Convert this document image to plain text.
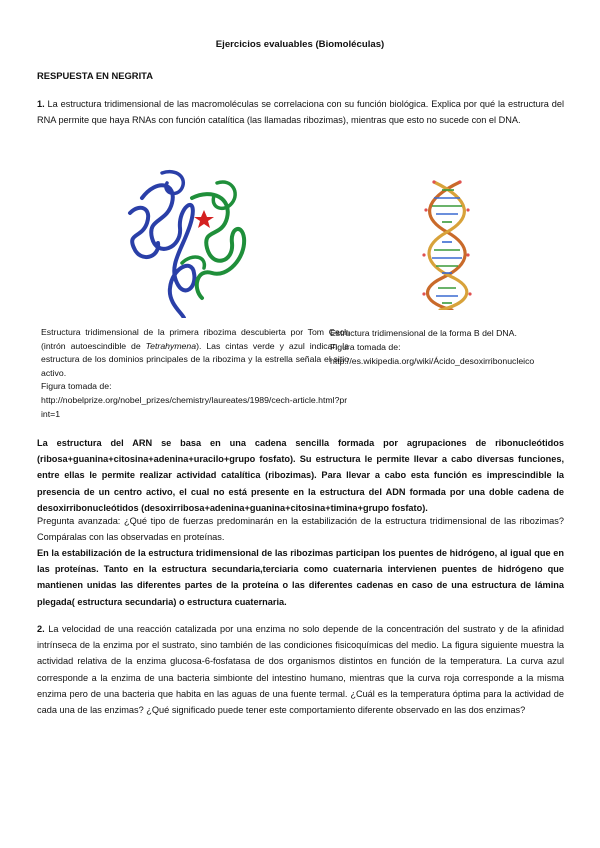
Ejercicios evaluables (Biomoléculas)
RESPUESTA EN NEGRITA

1. La estructura tridimensional de las macromoléculas se correlaciona con su función biológica. Explica por qué la estructura del RNA permite que haya RNAs con función catalítica (las llamadas ribozimas), mientras que esto no sucede con el DNA.

Estructura tridimensional de la primera ribozima descubierta por Tom Cech (intrón autoescindible de Tetrahymena). Las cintas verde y azul indican la estructura de los dominios principales de la ribozima y la estrella señala el sitio activo.
Figura tomada de:
http://nobelprize.org/nobel_prizes/chemistry/laureates/1989/cech-article.html?print=1
Estructura tridimensional de la forma B del DNA.
Figura tomada de:
http://es.wikipedia.org/wiki/Ácido_desoxirribonucleico

La estructura del ARN se basa en una cadena sencilla formada por agrupaciones de ribonucleótidos (ribosa+guanina+citosina+adenina+uracilo+grupo fosfato). Su estructura le permite llevar a cabo diversas funciones, entre ellas le permite realizar actividad catalítica (ribozimas). Para llevar a cabo esta función es imprescindible la presencia de un centro activo, el cual no está presente en la estructura del ADN formada por una doble cadena de desoxirribonucleótidos (desoxirribosa+adenina+guanina+citosina+timina+grupo fosfato).

Pregunta avanzada: ¿Qué tipo de fuerzas predominarán en la estabilización de la estructura tridimensional de las ribozimas? Compáralas con las observadas en proteínas.

En la estabilización de la estructura tridimensional de las ribozimas participan los puentes de hidrógeno, al igual que en las proteínas. Tanto en la estructura secundaria,terciaria como cuaternaria intervienen puentes de hidrógeno que mantienen unidas las diferentes partes de la proteína o las diferentes cadenas en caso de una estructura de lámina plegada( estructura secundaria) o estructura cuaternaria.

2. La velocidad de una reacción catalizada por una enzima no solo depende de la concentración del sustrato y de la afinidad intrínseca de la enzima por el sustrato, sino también de las condiciones fisicoquímicas del medio. La figura siguiente muestra la actividad relativa de la enzima glucosa-6-fosfatasa de dos organismos distintos en función de la temperatura. La curva azul corresponde a la enzima de una bacteria simbionte del intestino humano, mientras que la curva roja corresponde a la misma enzima pero de una bacteria que habita en las aguas de una fuente termal. ¿Cuál es la temperatura óptima para la actividad de cada una de las enzimas? ¿Qué significado puede tener este comportamiento diferente observado en las dos enzimas?
